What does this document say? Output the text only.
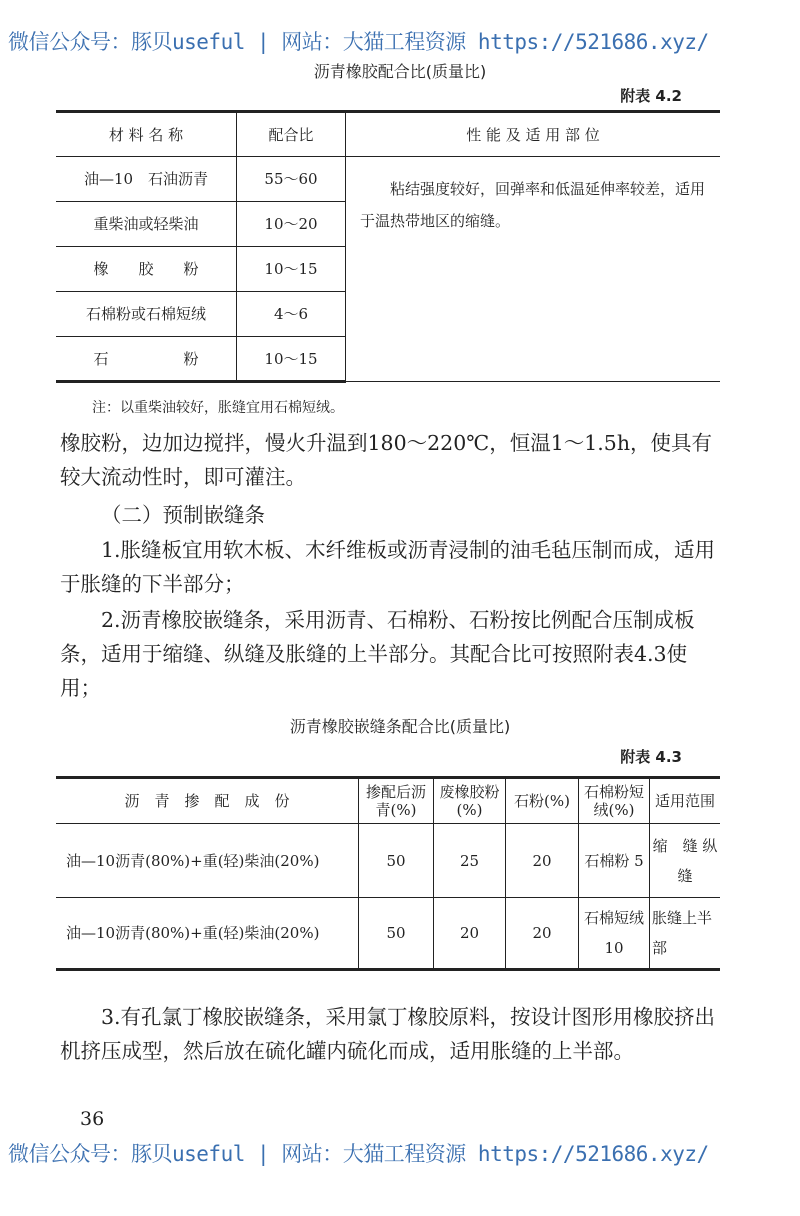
微信公众号：豚贝useful | 网站：大猫工程资源 https://521686.xyz/
沥青橡胶配合比(质量比)
附表 4.2
材 料 名 称	配合比	性 能 及 适 用 部 位
油—10　石油沥青	55～60	粘结强度较好，回弹率和低温延伸率较差，适用于温热带地区的缩缝。
重柴油或轻柴油	10～20	
橡　　胶　　粉	10～15	
石棉粉或石棉短绒	4～6	
石　　　　　粉	10～15	
注：以重柴油较好，胀缝宜用石棉短绒。
橡胶粉，边加边搅拌，慢火升温到180～220℃，恒温1～1.5h，使具有较大流动性时，即可灌注。
（二）预制嵌缝条
1.胀缝板宜用软木板、木纤维板或沥青浸制的油毛毡压制而成，适用于胀缝的下半部分；
2.沥青橡胶嵌缝条，采用沥青、石棉粉、石粉按比例配合压制成板条，适用于缩缝、纵缝及胀缝的上半部分。其配合比可按照附表4.3使用；
沥青橡胶嵌缝条配合比(质量比)
附表 4.3
沥　青　掺　配　成　份	掺配后沥青(%)	废橡胶粉(%)	石粉(%)	石棉粉短绒(%)	适用范围
油—10沥青(80%)+重(轻)柴油(20%)	50	25	20	石棉粉 5	缩　缝 纵　缝
油—10沥青(80%)+重(轻)柴油(20%)	50	20	20	石棉短绒 10	胀缝上半部
3.有孔氯丁橡胶嵌缝条，采用氯丁橡胶原料，按设计图形用橡胶挤出机挤压成型，然后放在硫化罐内硫化而成，适用胀缝的上半部。
36
微信公众号：豚贝useful | 网站：大猫工程资源 https://521686.xyz/
